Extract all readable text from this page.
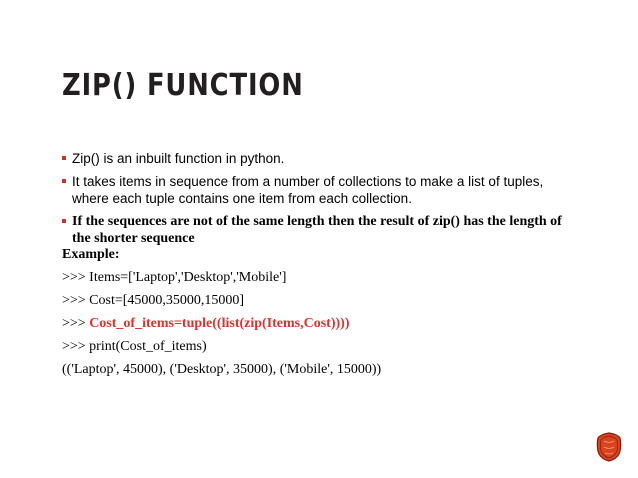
ZIP() FUNCTION
Zip() is an inbuilt function in python.
It takes items in sequence from a number of collections to make a list of tuples, where each tuple contains one item from each collection.
If the sequences are not of the same length then the result of zip() has the length of the shorter sequence
Example:
>>> Items=['Laptop','Desktop','Mobile']
>>> Cost=[45000,35000,15000]
>>> Cost_of_items=tuple((list(zip(Items,Cost))))
>>> print(Cost_of_items)
(('Laptop', 45000), ('Desktop', 35000), ('Mobile', 15000))
